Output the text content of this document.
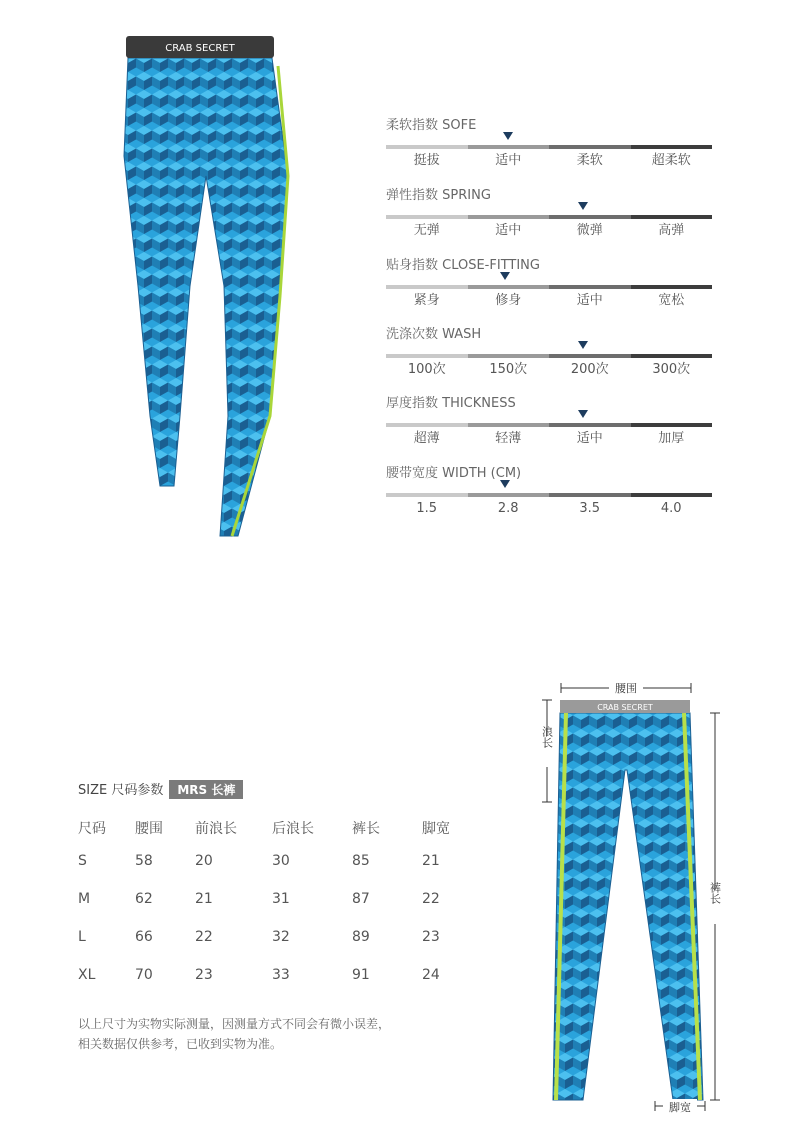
CRAB SECRET
柔软指数 SOFE
挺拔	适中	柔软	超柔软
弹性指数 SPRING
无弹	适中	微弹	高弹
贴身指数 CLOSE-FITTING
紧身	修身	适中	宽松
洗涤次数 WASH
100次	150次	200次	300次
厚度指数 THICKNESS
超薄	轻薄	适中	加厚
腰带宽度 WIDTH (CM)
1.5	2.8	3.5	4.0
SIZE 尺码参数 MRS 长裤
尺码	腰围	前浪长	后浪长	裤长	脚宽
S	58	20	30	85	21
M	62	21	31	87	22
L	66	22	32	89	23
XL	70	23	33	91	24
以上尺寸为实物实际测量，因测量方式不同会有微小误差，
相关数据仅供参考，已收到实物为准。
腰围
CRAB SECRET
浪长
裤长
脚宽
